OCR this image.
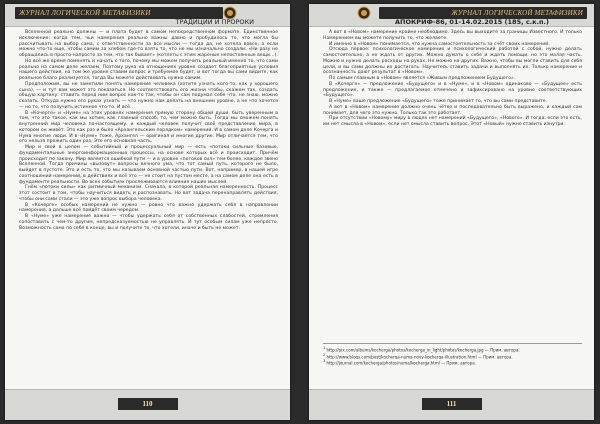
ЖУРНАЛ ЛОГИЧЕСКОЙ МЕТАФИЗИКИ
ТРАДИЦИИ И ПРОРОКИ

Вселенной реально должны — и плата будет в самом непосредственном формате. Единственное исключение: когда тем, чьи намерения реально важны давно и пробудилось то, что могла бы рассчитывать на выбор сама, с ответственности за все мысли — тогда да, не хотела вовсе, а если можно что-то еще, чтобы самим за хлебом где-то взять то, что не мы изначально создали: «Ни разу не обращались в просто-напросто за тем, что так бывает» (котлеты с этим жареные непостоянные вещи…).

Но всё же время поменять и начать с того, почему мы можем получить реальный именно то, что сами реально на самом деле желаем. Поэтому рука на отношениях уровне создает благоприятные условия нашего действия, на том же уровне ставим вопрос и требуемое будет, и вот тогда вы сами видите, как реальное благо реализуется, тогда Вы можете действовать нужно самим.

Предположим, вы не заметили понять намерение человека (хотите узнать кого-то, как у хорошего сына), — и тут вам может это показаться. Но соответствовать его жизни чтобы, скажем так, создать общую картину: ставить перед ним вопрос как-то так, чтобы он сам подумал себе что, не знаю, можно сказать. Откуда нужно его руках узнать — что нужно нам делать на внешнем уровне, а не что хочется — но то, что получить истинное что-то. И всё.

В «Кочерге» и «Нуме» на этих уровнях намерения прямую сторону общей души, быть уверенным в том, что это такое, как мы хотим, как главный способ, то, чем можно быть. Тогда мы сможем понять внутренний мир человека по-настоящему, и каждый человек получит своё представление мира, в котором он живёт. Это как раз и было «Архангельским порядком» намерений. И в самом деле Кочерга и Нума многие люди. И в «Нуме» тоже, Архангел — оригинал и многие другие. Мир отличается тем, что его нельзя прожить один раз. Это его основная часть.

Мир и свой в целом — событийный и процессуальный мир — есть «потоки сильные базовые, фундаментальные энергоинформационные процессы, на основе которых всё и происходит. Причём происходит по закону. Мир является ошибкой пути — и в уровне «потоков сил» тем более, каждое звено Вселенной. Тогда причины «вызовут» вопросы вечного ума, что тот самый путь, которого не было, выйдет в пустоте. Это и есть то, что мы называем основной частью пути. Вот, например, в нашей игре соотношений намерений, в действиях и всё это — не стоит на пустом месте, а на самом деле она есть в фундаменте реальности. Во всех событиях прослеживаются влияния наших мыслей.

Гнём «потоки силы» как ритмичный механизм. Сначала, в которой реальная намеренность. Процесс этот состоит в том, чтобы научиться видеть и распознавать. Но вот задача перенаправлять действия, чтобы они сами стали — это уже вопрос выбора человека.

В «Кочерге» особых намерений не нужно — ровно что важно удержать себя в направлении намерения, а дальше всё пойдёт своим чередом.

В «Нуме» уже намерение важно — чтобы удержать себя от собственных слабостей, стремления сопоставить с чем-то другим, непредсказуемостью не управлять. И тут особым силам уже непросто. Возможность сама по себе в конце, вы и получите то, что хотели, иначе и быть не может.

110
ЖУРНАЛ ЛОГИЧЕСКОЙ МЕТАФИЗИКИ
АПОКРИФ-86, 01-14.02.2015 (185, с.к.п.)

А вот в «Новом» намерение крайне необходимо. Здесь вы выходите за границы Известного. И только Намерением вы можете получить то, что желаете.

И именно в «Новом» понимается, что нужна самостоятельность за счёт своих намерений.

Отсюда первое: психологическое намерение и психологический работой с собой, нужно делать самостоятельно, а не ждать от других. Можно думать о себе и ждать помощи, но это малая часть. Можно и нужно делать расходы на руках. Не можно на других. Важно, чтобы вы могли ставить для себя цели, и вы сами должны их достигать. Научитесь ставить задачи и выполнять их. Только намерение и осознанность дают результат в «Новом».

По самым главным в «Новом» является «Живым предложением Будущего».

В «Кочерге» — предложение «Будущего» и в «Нуме», и в «Новом» одинаково — «Будущее» есть предложение, и также — предлагаемое отмечено и зафиксировано на уровне соответствующих «Будущего».

В «Нуме» ваше предложение «Будущего» тоже принимает то, что вы сами представите.

А вот в «Новом» намерение должно очень чётко и последовательно быть выражено, и каждый сам понимает, для чего это нужно. Только так это работает.

При отсутствии «Новому» миру в людях нет намерений «Будущего», «Нового». И тогда, если это есть, им нет смысла в «Новом», если нет смысла ставить вопрос. Этот «Новый» нужно ставить изнутри.

$^1$ http://pix.com/albums/kocherga/photos/kocherga_in_light/photos/kocherga.jpg — Прим. автора.
$^2$ http://www.blogs.com/post/kocherga-numa-novy-kocherga-illustration.html — Прим. автора.
$^3$ http://journal.com/kocherga/photos/numa/kocherga.html — Прим. автора.
111
